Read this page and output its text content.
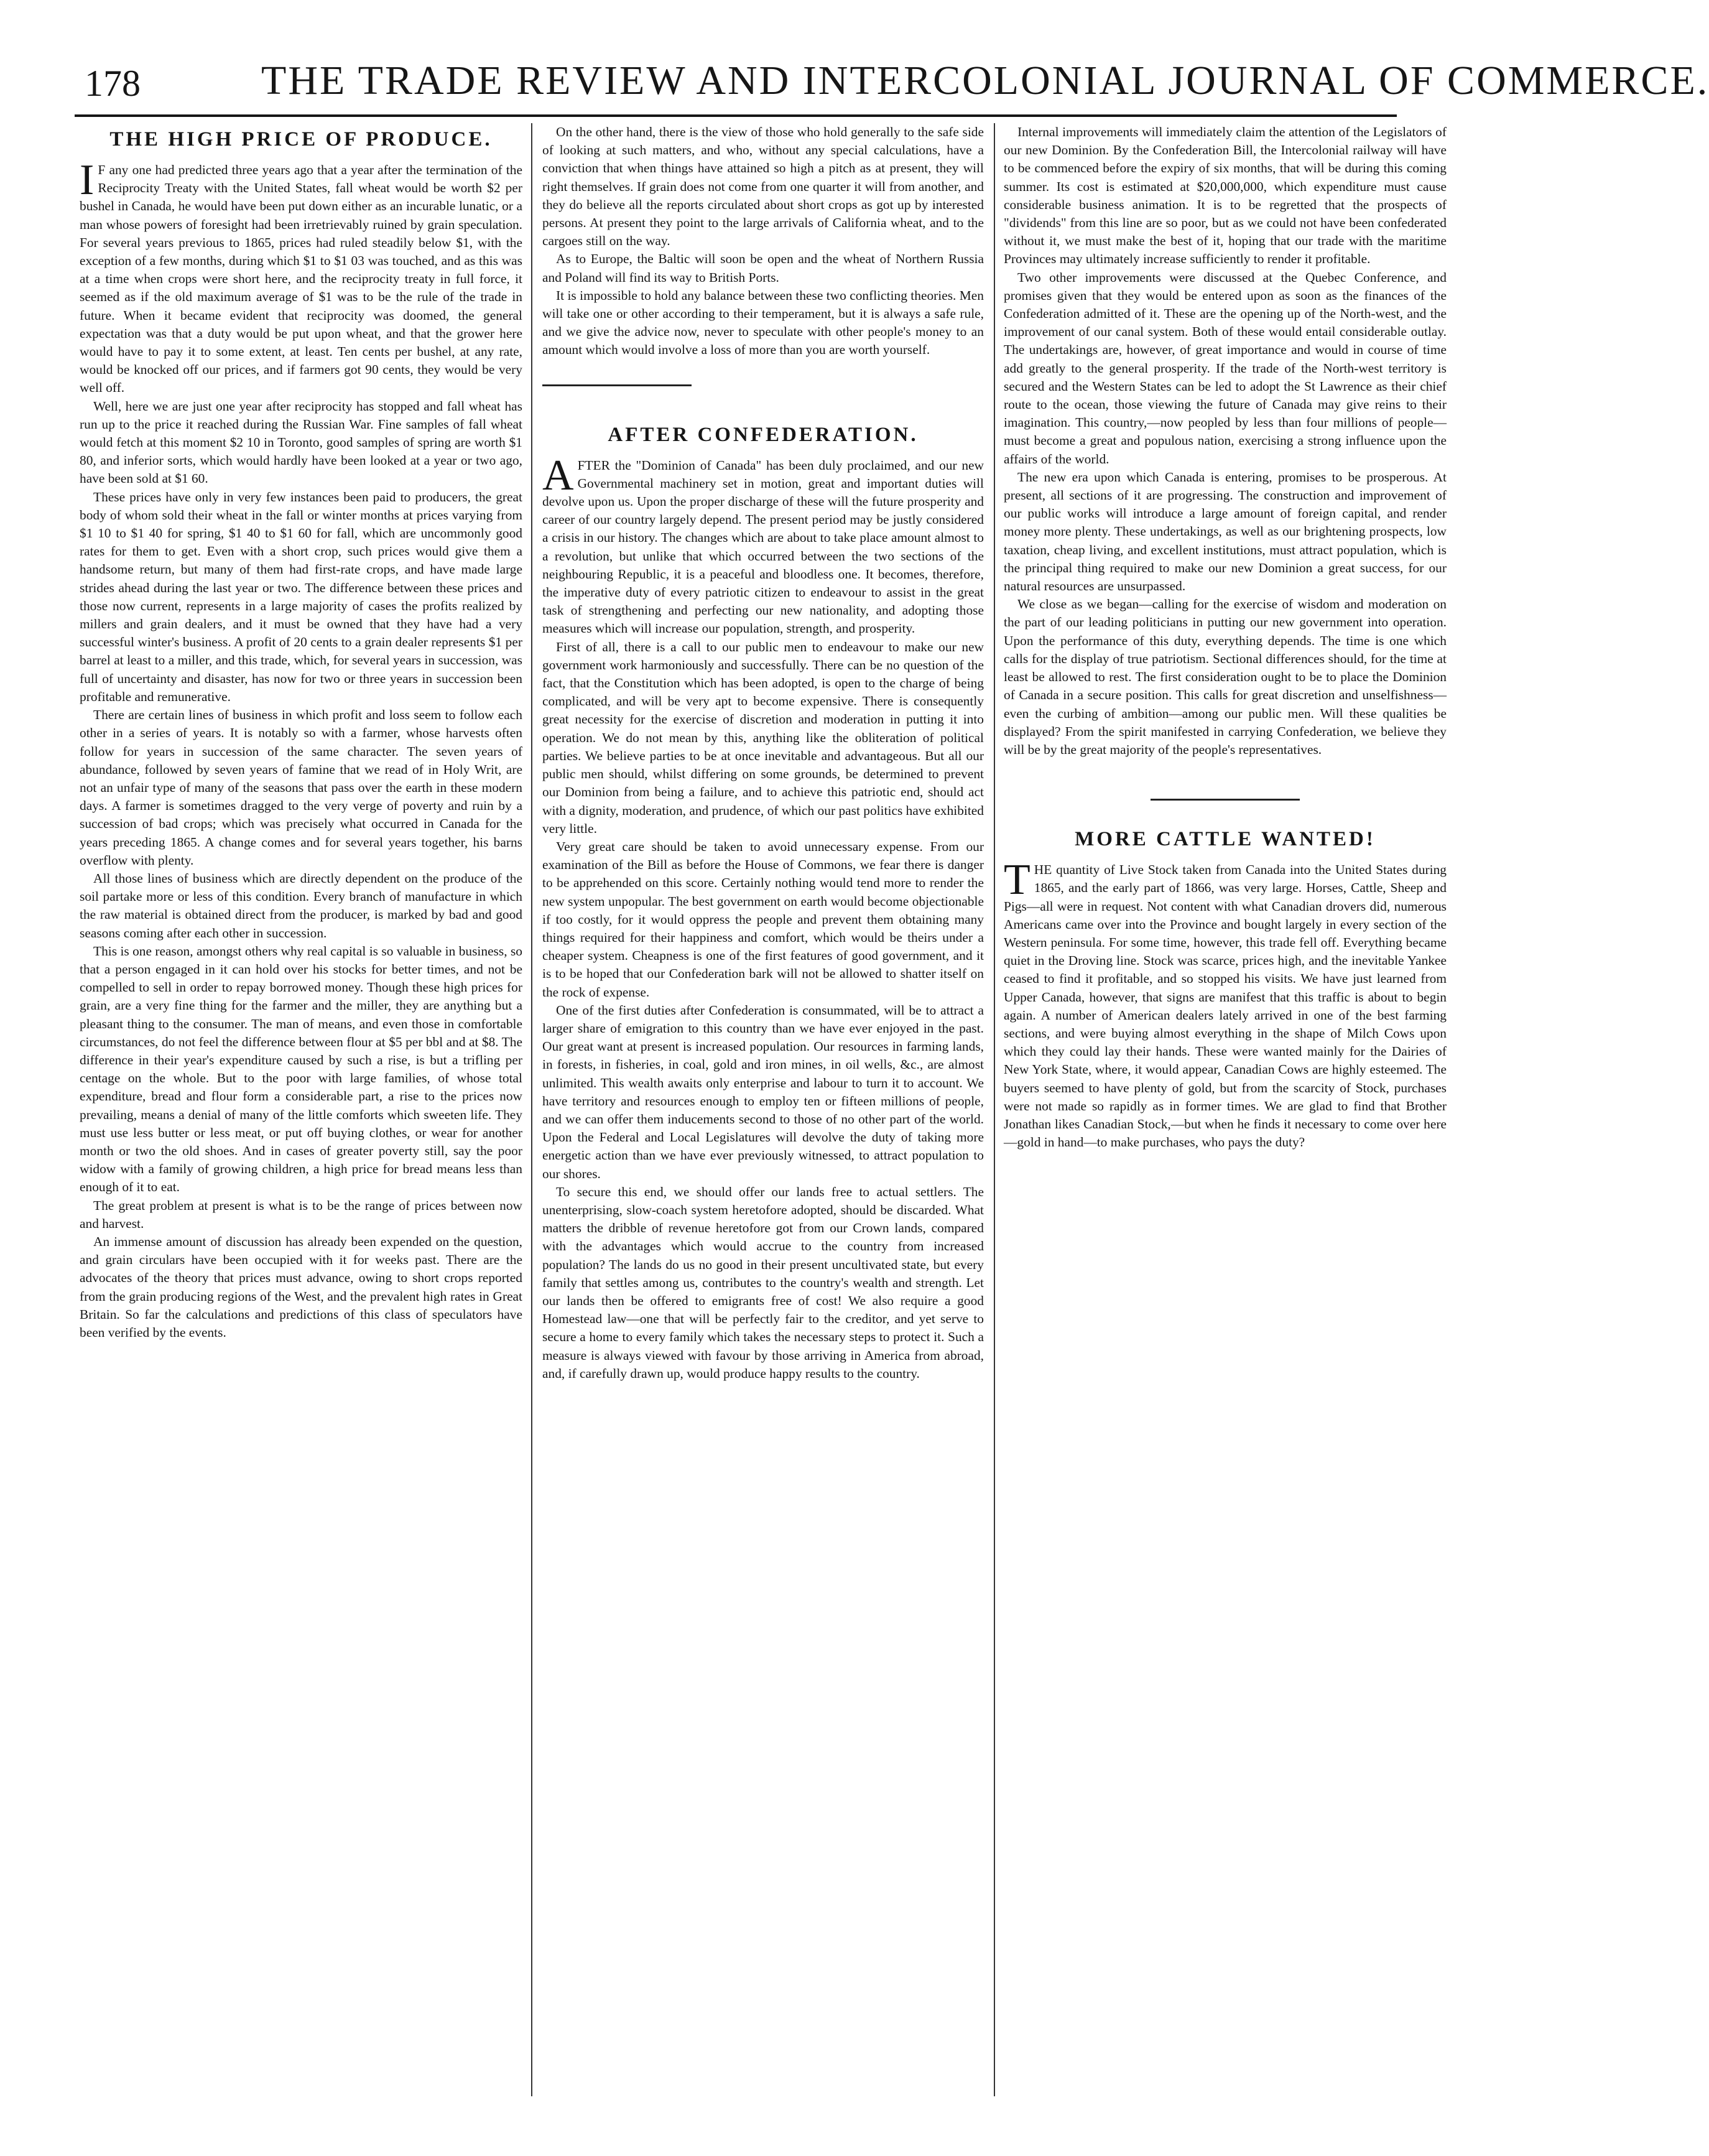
178	THE TRADE REVIEW AND INTERCOLONIAL JOURNAL OF COMMERCE.
THE HIGH PRICE OF PRODUCE.

IF any one had predicted three years ago that a year after the termination of the Reciprocity Treaty with the United States, fall wheat would be worth $2 per bushel in Canada, he would have been put down either as an incurable lunatic, or a man whose powers of foresight had been irretrievably ruined by grain speculation. For several years previous to 1865, prices had ruled steadily below $1, with the exception of a few months, during which $1 to $1 03 was touched, and as this was at a time when crops were short here, and the reciprocity treaty in full force, it seemed as if the old maximum average of $1 was to be the rule of the trade in future. When it became evident that reciprocity was doomed, the general expectation was that a duty would be put upon wheat, and that the grower here would have to pay it to some extent, at least. Ten cents per bushel, at any rate, would be knocked off our prices, and if farmers got 90 cents, they would be very well off.

Well, here we are just one year after reciprocity has stopped and fall wheat has run up to the price it reached during the Russian War. Fine samples of fall wheat would fetch at this moment $2 10 in Toronto, good samples of spring are worth $1 80, and inferior sorts, which would hardly have been looked at a year or two ago, have been sold at $1 60.

These prices have only in very few instances been paid to producers, the great body of whom sold their wheat in the fall or winter months at prices varying from $1 10 to $1 40 for spring, $1 40 to $1 60 for fall, which are uncommonly good rates for them to get. Even with a short crop, such prices would give them a handsome return, but many of them had first-rate crops, and have made large strides ahead during the last year or two. The difference between these prices and those now current, represents in a large majority of cases the profits realized by millers and grain dealers, and it must be owned that they have had a very successful winter's business. A profit of 20 cents to a grain dealer represents $1 per barrel at least to a miller, and this trade, which, for several years in succession, was full of uncertainty and disaster, has now for two or three years in succession been profitable and remunerative.

There are certain lines of business in which profit and loss seem to follow each other in a series of years. It is notably so with a farmer, whose harvests often follow for years in succession of the same character. The seven years of abundance, followed by seven years of famine that we read of in Holy Writ, are not an unfair type of many of the seasons that pass over the earth in these modern days. A farmer is sometimes dragged to the very verge of poverty and ruin by a succession of bad crops; which was precisely what occurred in Canada for the years preceding 1865. A change comes and for several years together, his barns overflow with plenty.

All those lines of business which are directly dependent on the produce of the soil partake more or less of this condition. Every branch of manufacture in which the raw material is obtained direct from the producer, is marked by bad and good seasons coming after each other in succession.

This is one reason, amongst others why real capital is so valuable in business, so that a person engaged in it can hold over his stocks for better times, and not be compelled to sell in order to repay borrowed money. Though these high prices for grain, are a very fine thing for the farmer and the miller, they are anything but a pleasant thing to the consumer. The man of means, and even those in comfortable circumstances, do not feel the difference between flour at $5 per bbl and at $8. The difference in their year's expenditure caused by such a rise, is but a trifling per centage on the whole. But to the poor with large families, of whose total expenditure, bread and flour form a considerable part, a rise to the prices now prevailing, means a denial of many of the little comforts which sweeten life. They must use less butter or less meat, or put off buying clothes, or wear for another month or two the old shoes. And in cases of greater poverty still, say the poor widow with a family of growing children, a high price for bread means less than enough of it to eat.

The great problem at present is what is to be the range of prices between now and harvest.

An immense amount of discussion has already been expended on the question, and grain circulars have been occupied with it for weeks past. There are the advocates of the theory that prices must advance, owing to short crops reported from the grain producing regions of the West, and the prevalent high rates in Great Britain. So far the calculations and predictions of this class of speculators have been verified by the events.

On the other hand, there is the view of those who hold generally to the safe side of looking at such matters, and who, without any special calculations, have a conviction that when things have attained so high a pitch as at present, they will right themselves. If grain does not come from one quarter it will from another, and they do believe all the reports circulated about short crops as got up by interested persons. At present they point to the large arrivals of California wheat, and to the cargoes still on the way.

As to Europe, the Baltic will soon be open and the wheat of Northern Russia and Poland will find its way to British Ports.

It is impossible to hold any balance between these two conflicting theories. Men will take one or other according to their temperament, but it is always a safe rule, and we give the advice now, never to speculate with other people's money to an amount which would involve a loss of more than you are worth yourself.

AFTER CONFEDERATION.

AFTER the "Dominion of Canada" has been duly proclaimed, and our new Governmental machinery set in motion, great and important duties will devolve upon us. Upon the proper discharge of these will the future prosperity and career of our country largely depend. The present period may be justly considered a crisis in our history. The changes which are about to take place amount almost to a revolution, but unlike that which occurred between the two sections of the neighbouring Republic, it is a peaceful and bloodless one. It becomes, therefore, the imperative duty of every patriotic citizen to endeavour to assist in the great task of strengthening and perfecting our new nationality, and adopting those measures which will increase our population, strength, and prosperity.

First of all, there is a call to our public men to endeavour to make our new government work harmoniously and successfully. There can be no question of the fact, that the Constitution which has been adopted, is open to the charge of being complicated, and will be very apt to become expensive. There is consequently great necessity for the exercise of discretion and moderation in putting it into operation. We do not mean by this, anything like the obliteration of political parties. We believe parties to be at once inevitable and advantageous. But all our public men should, whilst differing on some grounds, be determined to prevent our Dominion from being a failure, and to achieve this patriotic end, should act with a dignity, moderation, and prudence, of which our past politics have exhibited very little.

Very great care should be taken to avoid unnecessary expense. From our examination of the Bill as before the House of Commons, we fear there is danger to be apprehended on this score. Certainly nothing would tend more to render the new system unpopular. The best government on earth would become objectionable if too costly, for it would oppress the people and prevent them obtaining many things required for their happiness and comfort, which would be theirs under a cheaper system. Cheapness is one of the first features of good government, and it is to be hoped that our Confederation bark will not be allowed to shatter itself on the rock of expense.

One of the first duties after Confederation is consummated, will be to attract a larger share of emigration to this country than we have ever enjoyed in the past. Our great want at present is increased population. Our resources in farming lands, in forests, in fisheries, in coal, gold and iron mines, in oil wells, &c., are almost unlimited. This wealth awaits only enterprise and labour to turn it to account. We have territory and resources enough to employ ten or fifteen millions of people, and we can offer them inducements second to those of no other part of the world. Upon the Federal and Local Legislatures will devolve the duty of taking more energetic action than we have ever previously witnessed, to attract population to our shores.

To secure this end, we should offer our lands free to actual settlers. The unenterprising, slow-coach system heretofore adopted, should be discarded. What matters the dribble of revenue heretofore got from our Crown lands, compared with the advantages which would accrue to the country from increased population? The lands do us no good in their present uncultivated state, but every family that settles among us, contributes to the country's wealth and strength. Let our lands then be offered to emigrants free of cost! We also require a good Homestead law—one that will be perfectly fair to the creditor, and yet serve to secure a home to every family which takes the necessary steps to protect it. Such a measure is always viewed with favour by those arriving in America from abroad, and, if carefully drawn up, would produce happy results to the country.

Internal improvements will immediately claim the attention of the Legislators of our new Dominion. By the Confederation Bill, the Intercolonial railway will have to be commenced before the expiry of six months, that will be during this coming summer. Its cost is estimated at $20,000,000, which expenditure must cause considerable business animation. It is to be regretted that the prospects of "dividends" from this line are so poor, but as we could not have been confederated without it, we must make the best of it, hoping that our trade with the maritime Provinces may ultimately increase sufficiently to render it profitable.

Two other improvements were discussed at the Quebec Conference, and promises given that they would be entered upon as soon as the finances of the Confederation admitted of it. These are the opening up of the North-west, and the improvement of our canal system. Both of these would entail considerable outlay. The undertakings are, however, of great importance and would in course of time add greatly to the general prosperity. If the trade of the North-west territory is secured and the Western States can be led to adopt the St Lawrence as their chief route to the ocean, those viewing the future of Canada may give reins to their imagination. This country,—now peopled by less than four millions of people—must become a great and populous nation, exercising a strong influence upon the affairs of the world.

The new era upon which Canada is entering, promises to be prosperous. At present, all sections of it are progressing. The construction and improvement of our public works will introduce a large amount of foreign capital, and render money more plenty. These undertakings, as well as our brightening prospects, low taxation, cheap living, and excellent institutions, must attract population, which is the principal thing required to make our new Dominion a great success, for our natural resources are unsurpassed.

We close as we began—calling for the exercise of wisdom and moderation on the part of our leading politicians in putting our new government into operation. Upon the performance of this duty, everything depends. The time is one which calls for the display of true patriotism. Sectional differences should, for the time at least be allowed to rest. The first consideration ought to be to place the Dominion of Canada in a secure position. This calls for great discretion and unselfishness—even the curbing of ambition—among our public men. Will these qualities be displayed? From the spirit manifested in carrying Confederation, we believe they will be by the great majority of the people's representatives.

MORE CATTLE WANTED!

THE quantity of Live Stock taken from Canada into the United States during 1865, and the early part of 1866, was very large. Horses, Cattle, Sheep and Pigs—all were in request. Not content with what Canadian drovers did, numerous Americans came over into the Province and bought largely in every section of the Western peninsula. For some time, however, this trade fell off. Everything became quiet in the Droving line. Stock was scarce, prices high, and the inevitable Yankee ceased to find it profitable, and so stopped his visits. We have just learned from Upper Canada, however, that signs are manifest that this traffic is about to begin again. A number of American dealers lately arrived in one of the best farming sections, and were buying almost everything in the shape of Milch Cows upon which they could lay their hands. These were wanted mainly for the Dairies of New York State, where, it would appear, Canadian Cows are highly esteemed. The buyers seemed to have plenty of gold, but from the scarcity of Stock, purchases were not made so rapidly as in former times. We are glad to find that Brother Jonathan likes Canadian Stock,—but when he finds it necessary to come over here—gold in hand—to make purchases, who pays the duty?
